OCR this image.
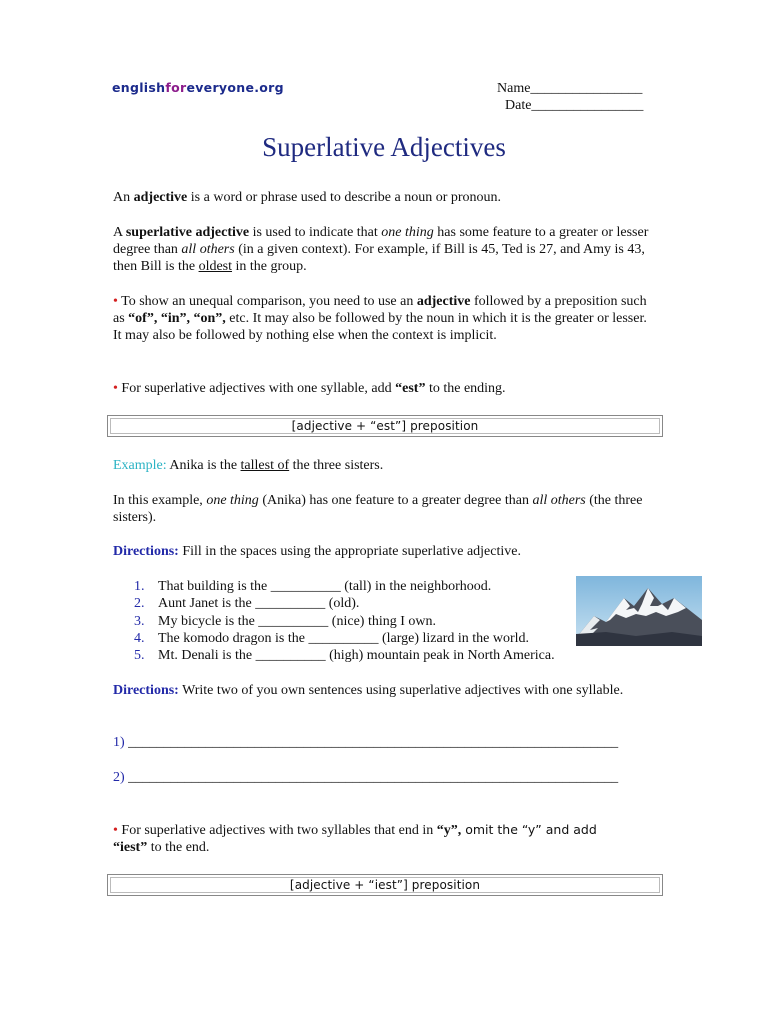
englishforeveryone.org	Name________________
Date________________
Superlative Adjectives
An adjective is a word or phrase used to describe a noun or pronoun.
A superlative adjective is used to indicate that one thing has some feature to a greater or lesser degree than all others (in a given context). For example, if Bill is 45, Ted is 27, and Amy is 43, then Bill is the oldest in the group.
• To show an unequal comparison, you need to use an adjective followed by a preposition such as “of”, “in”, “on”, etc. It may also be followed by the noun in which it is the greater or lesser. It may also be followed by nothing else when the context is implicit.
• For superlative adjectives with one syllable, add “est” to the ending.
[adjective + “est”] preposition
Example: Anika is the tallest of the three sisters.
In this example, one thing (Anika) has one feature to a greater degree than all others (the three sisters).
Directions: Fill in the spaces using the appropriate superlative adjective.
1. That building is the __________ (tall) in the neighborhood.
2. Aunt Janet is the __________ (old).
3. My bicycle is the __________ (nice) thing I own.
4. The komodo dragon is the __________ (large) lizard in the world.
5. Mt. Denali is the __________ (high) mountain peak in North America.
Directions: Write two of you own sentences using superlative adjectives with one syllable.
1) ______________________________________________________________________
2) ______________________________________________________________________
• For superlative adjectives with two syllables that end in “y”, omit the “y” and add
“iest” to the end.
[adjective + “iest”] preposition
